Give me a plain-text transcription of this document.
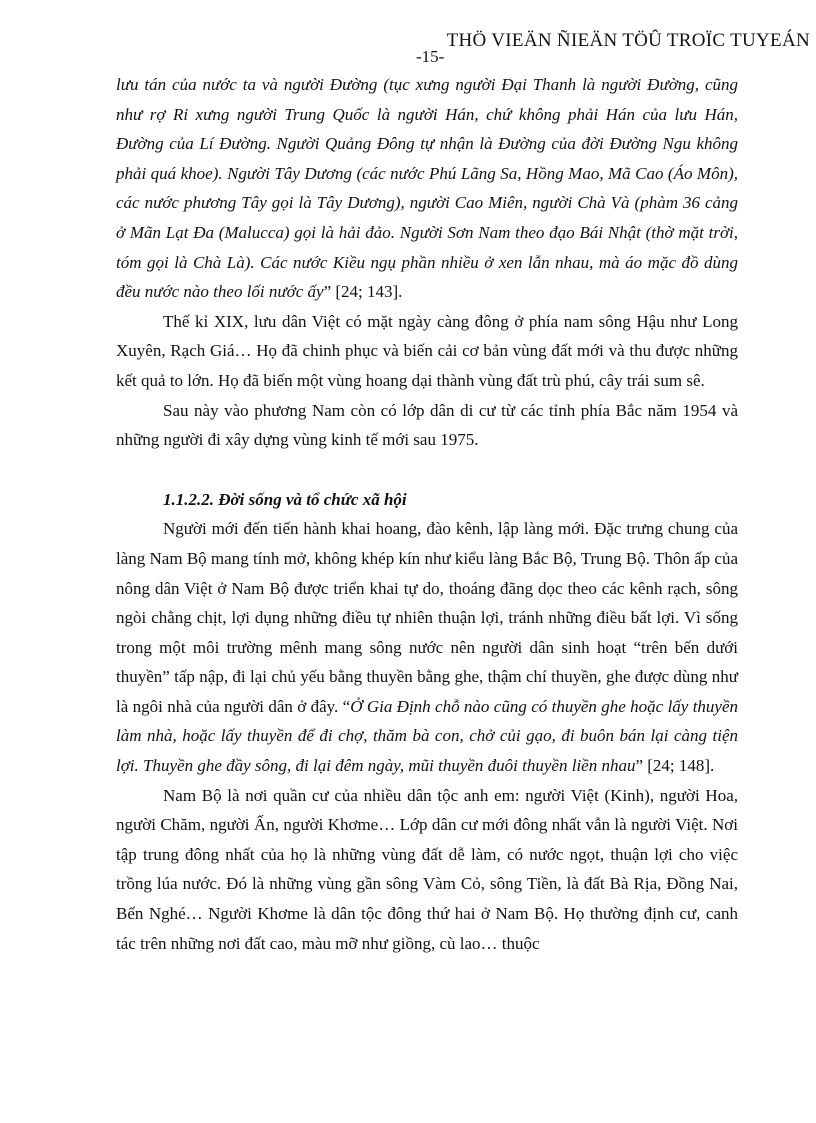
THÖ VIEÄN ÑIEÄN TÖÛ TROÏC TUYEÁN
-15-

lưu tán của nước ta và người Đường (tục xưng người Đại Thanh là người Đường, cũng như rợ Ri xưng người Trung Quốc là người Hán, chứ không phải Hán của lưu Hán, Đường của Lí Đường. Người Quảng Đông tự nhận là Đường của đời Đường Ngu không phải quá khoe). Người Tây Dương (các nước Phú Lãng Sa, Hồng Mao, Mã Cao (Áo Môn), các nước phương Tây gọi là Tây Dương), người Cao Miên, người Chà Và (phàm 36 cảng ở Mãn Lạt Đa (Malucca) gọi là hải đảo. Người Sơn Nam theo đạo Bái Nhật (thờ mặt trời, tóm gọi là Chà Là). Các nước Kiều ngụ phần nhiều ở xen lẫn nhau, mà áo mặc đồ dùng đều nước nào theo lối nước ấy” [24; 143].

Thế kỉ XIX, lưu dân Việt có mặt ngày càng đông ở phía nam sông Hậu như Long Xuyên, Rạch Giá… Họ đã chinh phục và biến cải cơ bản vùng đất mới và thu được những kết quả to lớn. Họ đã biến một vùng hoang dại thành vùng đất trù phú, cây trái sum sê.

Sau này vào phương Nam còn có lớp dân di cư từ các tỉnh phía Bắc năm 1954 và những người đi xây dựng vùng kinh tế mới sau 1975.

1.1.2.2. Đời sống và tổ chức xã hội

Người mới đến tiến hành khai hoang, đào kênh, lập làng mới. Đặc trưng chung của làng Nam Bộ mang tính mở, không khép kín như kiểu làng Bắc Bộ, Trung Bộ. Thôn ấp của nông dân Việt ở Nam Bộ được triển khai tự do, thoáng đãng dọc theo các kênh rạch, sông ngòi chằng chịt, lợi dụng những điều tự nhiên thuận lợi, tránh những điều bất lợi. Vì sống trong một môi trường mênh mang sông nước nên người dân sinh hoạt “trên bến dưới thuyền” tấp nập, đi lại chủ yếu bằng thuyền bằng ghe, thậm chí thuyền, ghe được dùng như là ngôi nhà của người dân ở đây. “Ở Gia Định chỗ nào cũng có thuyền ghe hoặc lấy thuyền làm nhà, hoặc lấy thuyền để đi chợ, thăm bà con, chở củi gạo, đi buôn bán lại càng tiện lợi. Thuyền ghe đầy sông, đi lại đêm ngày, mũi thuyền đuôi thuyền liền nhau” [24; 148].

Nam Bộ là nơi quần cư của nhiều dân tộc anh em: người Việt (Kinh), người Hoa, người Chăm, người Ấn, người Khơme… Lớp dân cư mới đông nhất vẫn là người Việt. Nơi tập trung đông nhất của họ là những vùng đất dễ làm, có nước ngọt, thuận lợi cho việc trồng lúa nước. Đó là những vùng gần sông Vàm Cỏ, sông Tiền, là đất Bà Rịa, Đồng Nai, Bến Nghé… Người Khơme là dân tộc đông thứ hai ở Nam Bộ. Họ thường định cư, canh tác trên những nơi đất cao, màu mỡ như giồng, cù lao… thuộc
